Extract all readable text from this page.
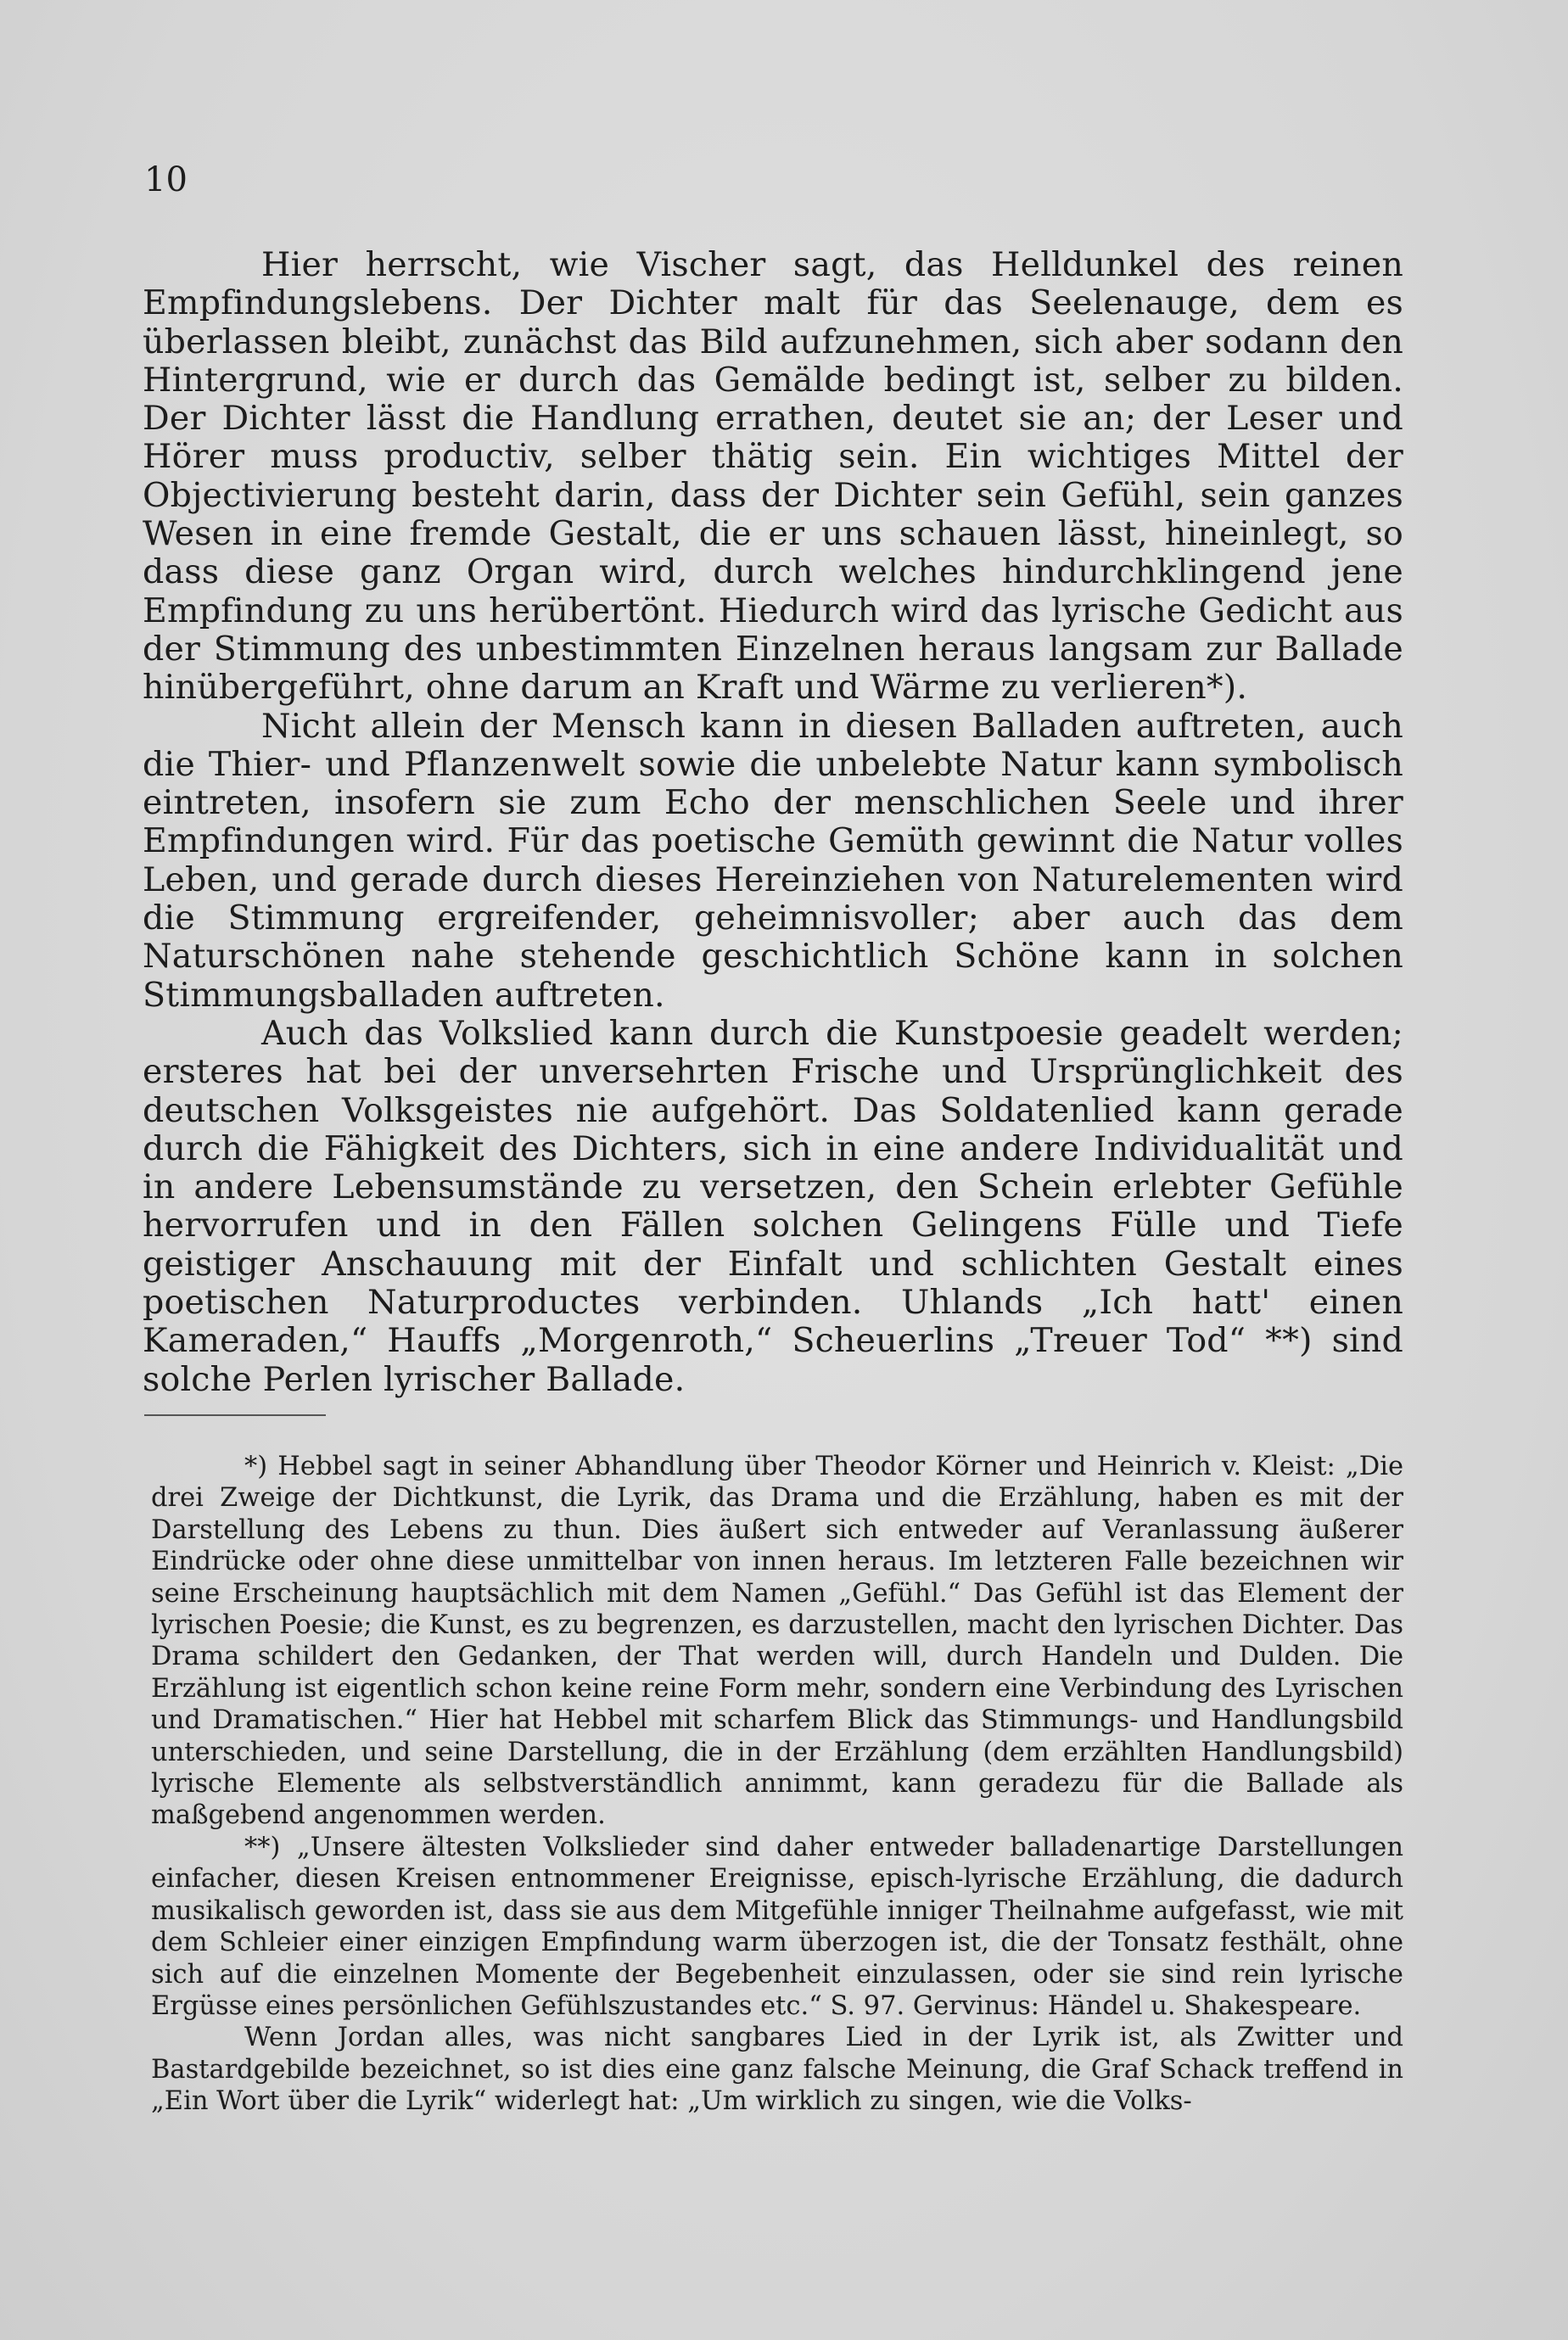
10

Hier herrscht, wie Vischer sagt, das Helldunkel des reinen Empfindungslebens. Der Dichter malt für das Seelenauge, dem es überlassen bleibt, zunächst das Bild aufzunehmen, sich aber sodann den Hintergrund, wie er durch das Gemälde bedingt ist, selber zu bilden. Der Dichter lässt die Handlung errathen, deutet sie an; der Leser und Hörer muss productiv, selber thätig sein. Ein wichtiges Mittel der Objectivierung besteht darin, dass der Dichter sein Gefühl, sein ganzes Wesen in eine fremde Gestalt, die er uns schauen lässt, hineinlegt, so dass diese ganz Organ wird, durch welches hindurchklingend jene Empfindung zu uns herübertönt. Hiedurch wird das lyrische Gedicht aus der Stimmung des unbestimmten Einzelnen heraus langsam zur Ballade hinübergeführt, ohne darum an Kraft und Wärme zu verlieren*).

Nicht allein der Mensch kann in diesen Balladen auftreten, auch die Thier- und Pflanzenwelt sowie die unbelebte Natur kann symbolisch eintreten, insofern sie zum Echo der menschlichen Seele und ihrer Empfindungen wird. Für das poetische Gemüth gewinnt die Natur volles Leben, und gerade durch dieses Hereinziehen von Naturelementen wird die Stimmung ergreifender, geheimnisvoller; aber auch das dem Naturschönen nahe stehende geschichtlich Schöne kann in solchen Stimmungsballaden auftreten.

Auch das Volkslied kann durch die Kunstpoesie geadelt werden; ersteres hat bei der unversehrten Frische und Ursprünglichkeit des deutschen Volksgeistes nie aufgehört. Das Soldatenlied kann gerade durch die Fähigkeit des Dichters, sich in eine andere Individualität und in andere Lebensumstände zu versetzen, den Schein erlebter Gefühle hervorrufen und in den Fällen solchen Gelingens Fülle und Tiefe geistiger Anschauung mit der Einfalt und schlichten Gestalt eines poetischen Naturproductes verbinden. Uhlands „Ich hatt' einen Kameraden,“ Hauffs „Morgenroth,“ Scheuerlins „Treuer Tod“ **) sind solche Perlen lyrischer Ballade.

*) Hebbel sagt in seiner Abhandlung über Theodor Körner und Heinrich v. Kleist: „Die drei Zweige der Dichtkunst, die Lyrik, das Drama und die Erzählung, haben es mit der Darstellung des Lebens zu thun. Dies äußert sich entweder auf Veranlassung äußerer Eindrücke oder ohne diese unmittelbar von innen heraus. Im letzteren Falle bezeichnen wir seine Erscheinung hauptsächlich mit dem Namen „Gefühl.“ Das Gefühl ist das Element der lyrischen Poesie; die Kunst, es zu begrenzen, es darzustellen, macht den lyrischen Dichter. Das Drama schildert den Gedanken, der That werden will, durch Handeln und Dulden. Die Erzählung ist eigentlich schon keine reine Form mehr, sondern eine Verbindung des Lyrischen und Dramatischen.“ Hier hat Hebbel mit scharfem Blick das Stimmungs- und Handlungsbild unterschieden, und seine Darstellung, die in der Erzählung (dem erzählten Handlungsbild) lyrische Elemente als selbstverständlich annimmt, kann geradezu für die Ballade als maßgebend angenommen werden.

**) „Unsere ältesten Volkslieder sind daher entweder balladenartige Darstellungen einfacher, diesen Kreisen entnommener Ereignisse, episch-lyrische Erzählung, die dadurch musikalisch geworden ist, dass sie aus dem Mitgefühle inniger Theilnahme aufgefasst, wie mit dem Schleier einer einzigen Empfindung warm überzogen ist, die der Tonsatz festhält, ohne sich auf die einzelnen Momente der Begebenheit einzulassen, oder sie sind rein lyrische Ergüsse eines persönlichen Gefühlszustandes etc.“ S. 97. Gervinus: Händel u. Shakespeare.

Wenn Jordan alles, was nicht sangbares Lied in der Lyrik ist, als Zwitter und Bastardgebilde bezeichnet, so ist dies eine ganz falsche Meinung, die Graf Schack treffend in „Ein Wort über die Lyrik“ widerlegt hat: „Um wirklich zu singen, wie die Volks-
